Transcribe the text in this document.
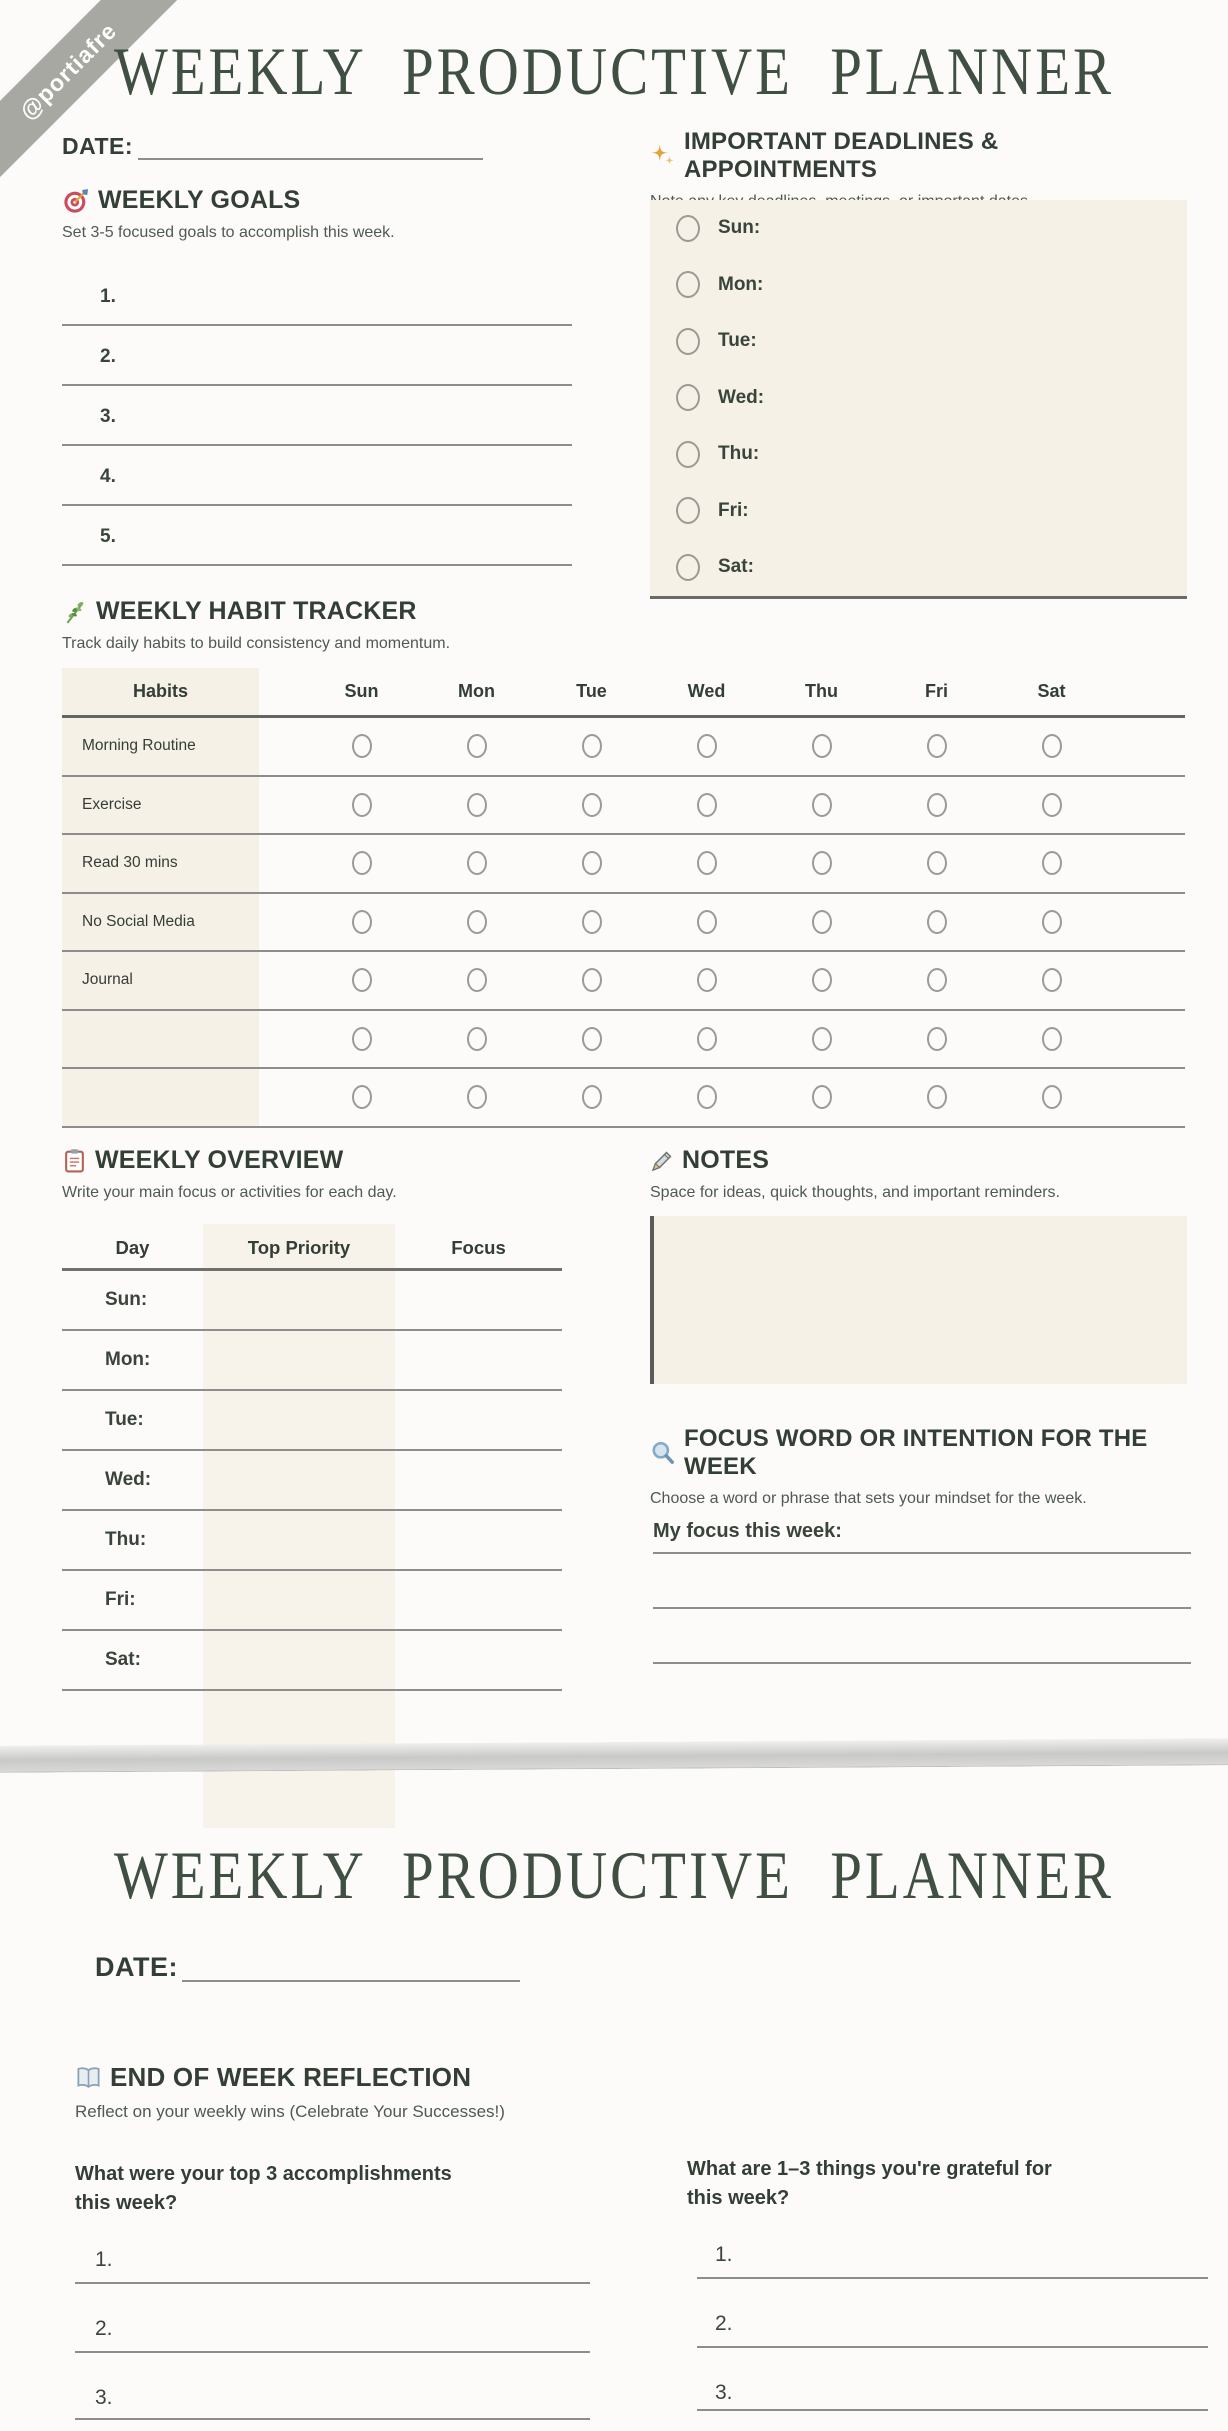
@portiafre
WEEKLY PRODUCTIVE PLANNER
DATE:
WEEKLY GOALS
Set 3-5 focused goals to accomplish this week.
1.
2.
3.
4.
5.
IMPORTANT DEADLINES & APPOINTMENTS
Sun:
Mon:
Tue:
Wed:
Thu:
Fri:
Sat:
WEEKLY HABIT TRACKER
Track daily habits to build consistency and momentum.
Habits	Sun	Mon	Tue	Wed	Thu	Fri	Sat
Morning Routine
Exercise
Read 30 mins
No Social Media
Journal
WEEKLY OVERVIEW
Write your main focus or activities for each day.
Day	Top Priority	Focus
Sun:
Mon:
Tue:
Wed:
Thu:
Fri:
Sat:
NOTES
Space for ideas, quick thoughts, and important reminders.
FOCUS WORD OR INTENTION FOR THE WEEK
Choose a word or phrase that sets your mindset for the week.
My focus this week:
WEEKLY PRODUCTIVE PLANNER
DATE:
END OF WEEK REFLECTION
Reflect on your weekly wins (Celebrate Your Successes!)
What were your top 3 accomplishments this week?
What are 1–3 things you're grateful for this week?
1.
2.
3.
1.
2.
3.
